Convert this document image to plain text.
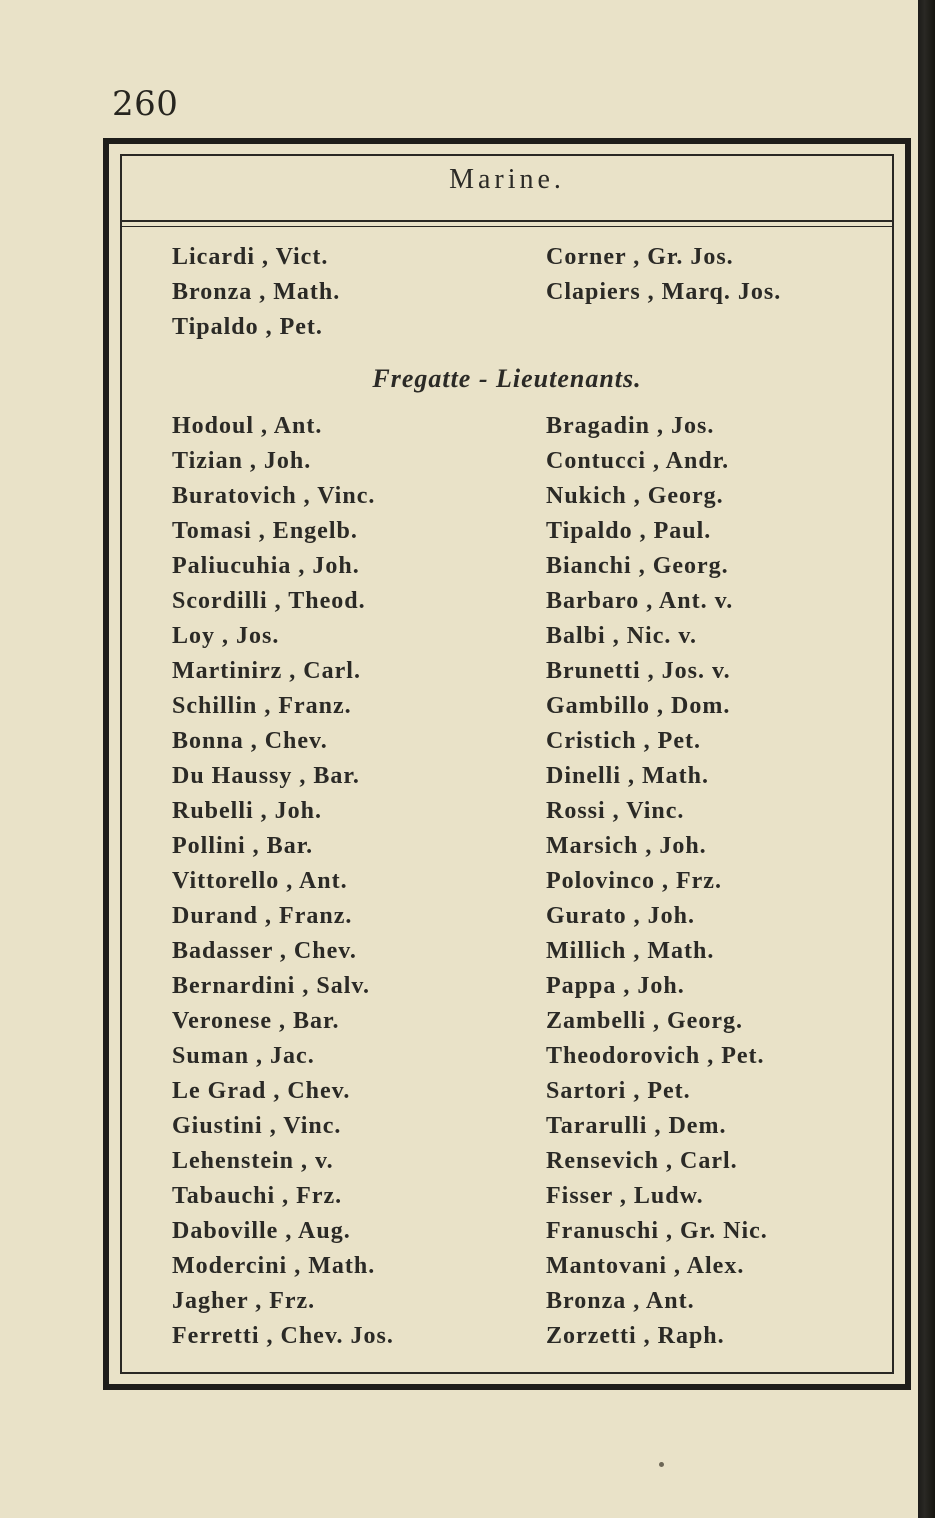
260
Marine.
Licardi , Vict.
Bronza , Math.
Tipaldo , Pet.
Corner , Gr. Jos.
Clapiers , Marq. Jos.
Fregatte - Lieutenants.
Hodoul , Ant.
Tizian , Joh.
Buratovich , Vinc.
Tomasi , Engelb.
Paliucuhia , Joh.
Scordilli , Theod.
Loy , Jos.
Martinirz , Carl.
Schillin , Franz.
Bonna , Chev.
Du Haussy , Bar.
Rubelli , Joh.
Pollini , Bar.
Vittorello , Ant.
Durand , Franz.
Badasser , Chev.
Bernardini , Salv.
Veronese , Bar.
Suman , Jac.
Le Grad , Chev.
Giustini , Vinc.
Lehenstein , v.
Tabauchi , Frz.
Daboville , Aug.
Modercini , Math.
Jagher , Frz.
Ferretti , Chev. Jos.
Bragadin , Jos.
Contucci , Andr.
Nukich , Georg.
Tipaldo , Paul.
Bianchi , Georg.
Barbaro , Ant. v.
Balbi , Nic. v.
Brunetti , Jos. v.
Gambillo , Dom.
Cristich , Pet.
Dinelli , Math.
Rossi , Vinc.
Marsich , Joh.
Polovinco , Frz.
Gurato , Joh.
Millich , Math.
Pappa , Joh.
Zambelli , Georg.
Theodorovich , Pet.
Sartori , Pet.
Tararulli , Dem.
Rensevich , Carl.
Fisser , Ludw.
Franuschi , Gr. Nic.
Mantovani , Alex.
Bronza , Ant.
Zorzetti , Raph.
